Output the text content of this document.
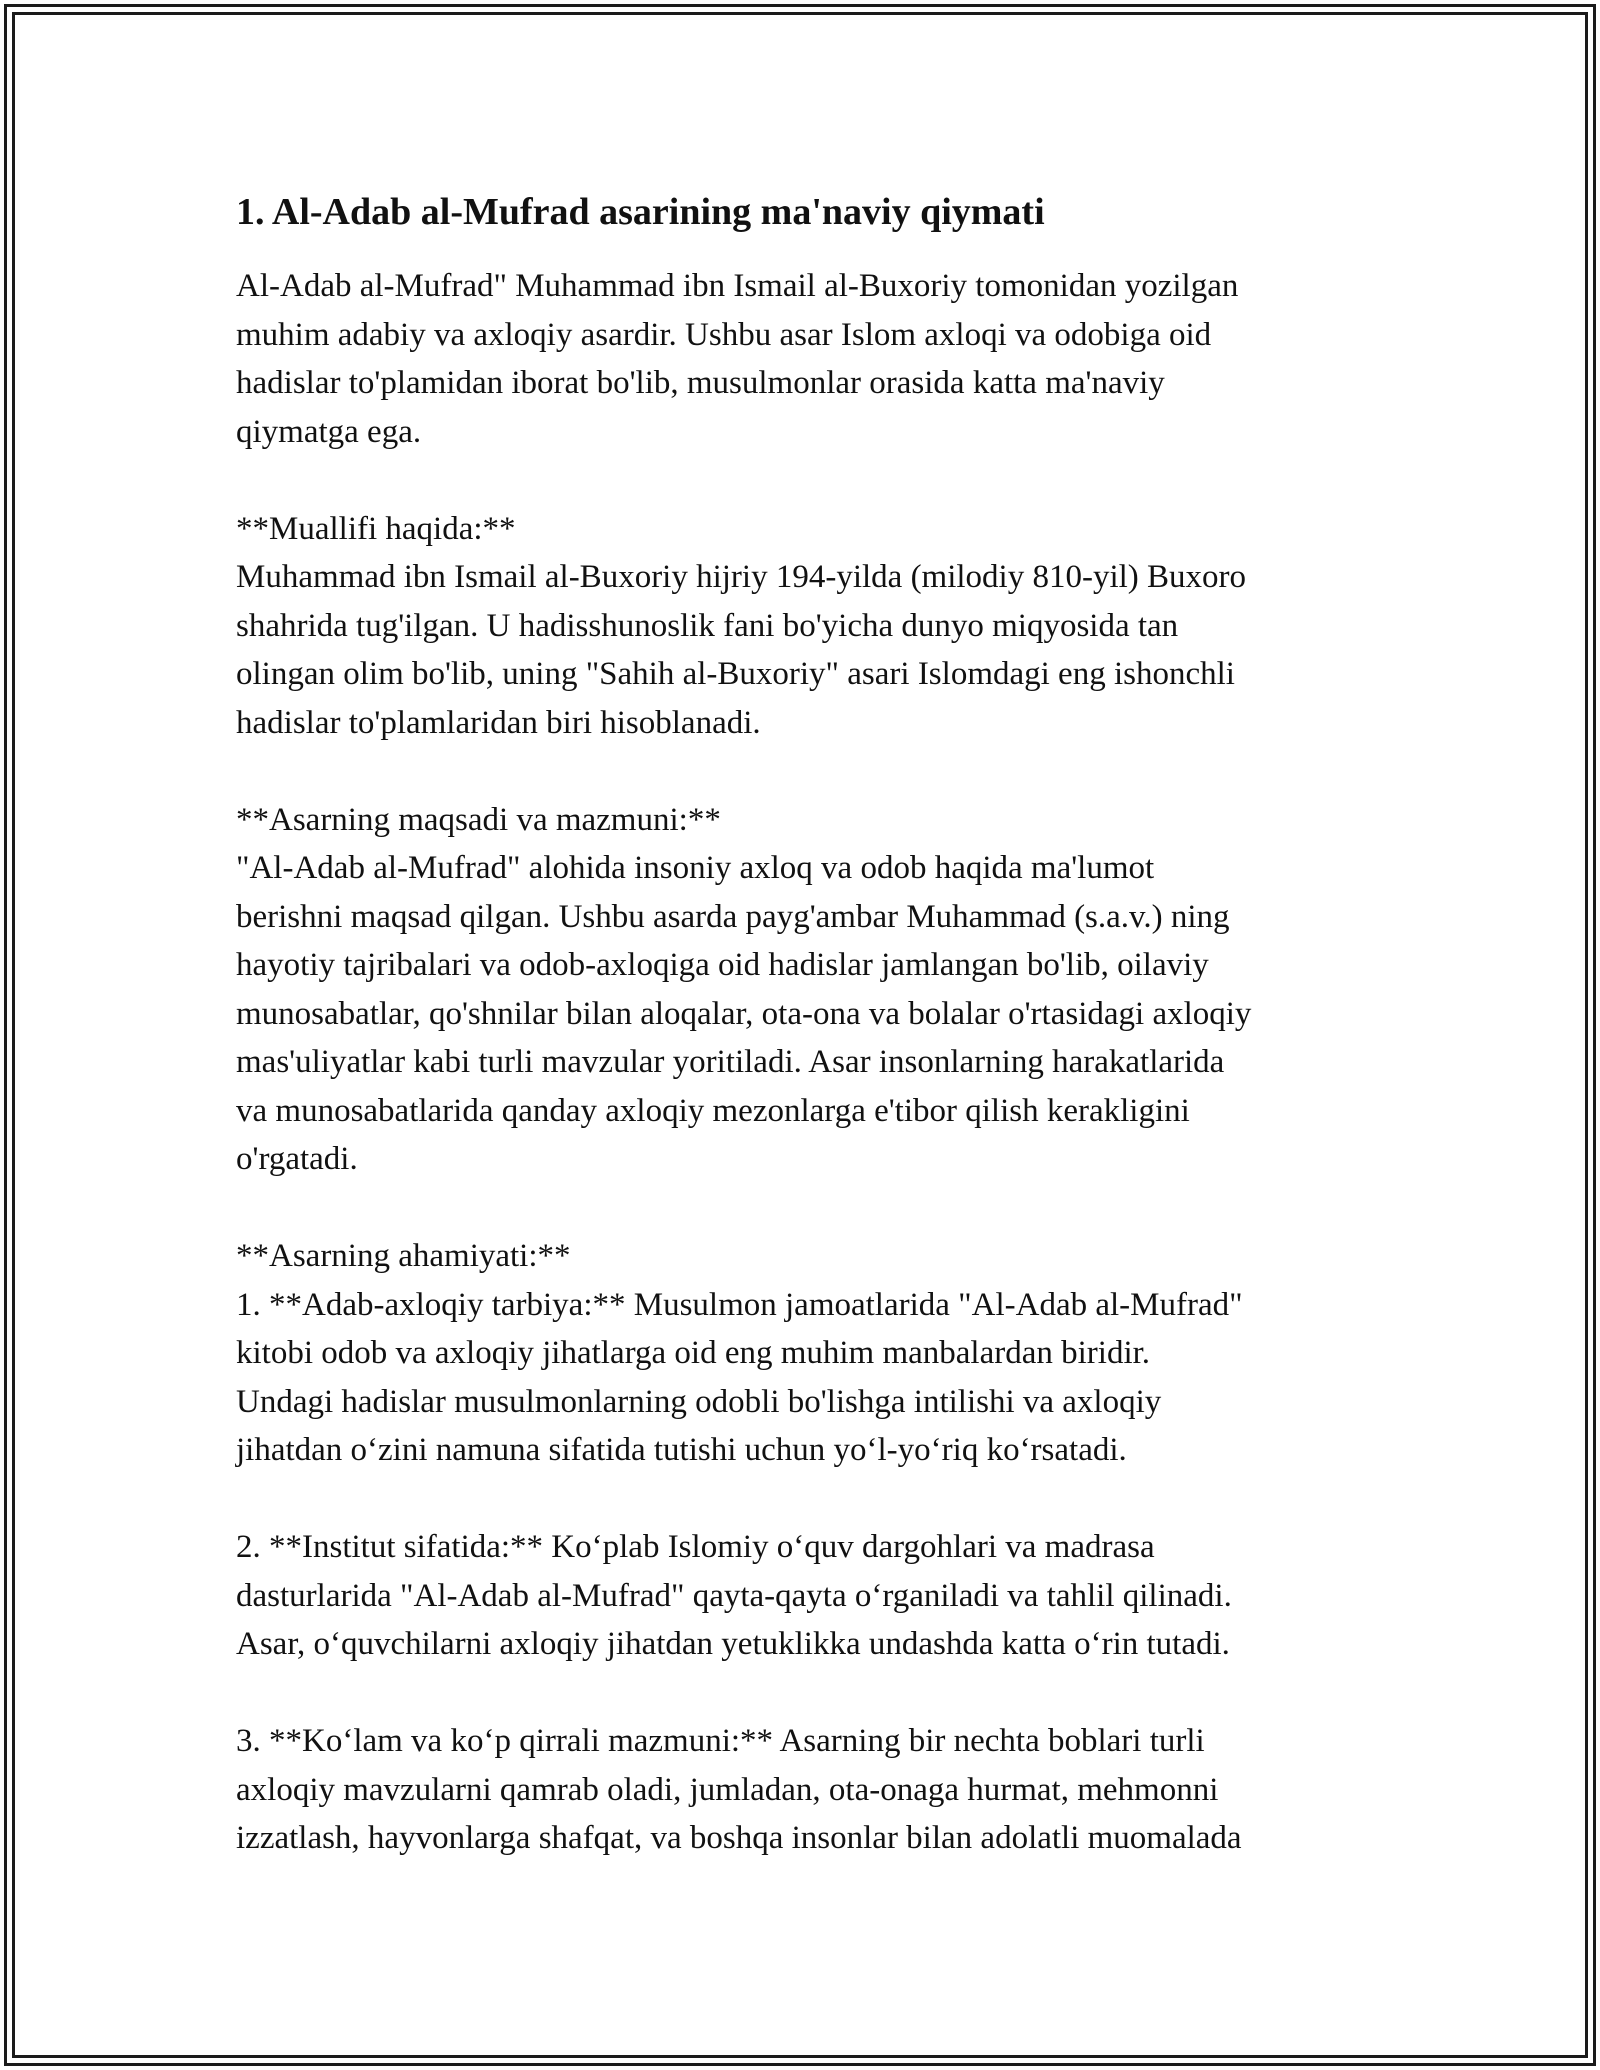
1. Al-Adab al-Mufrad asarining ma'naviy qiymati

Al-Adab al-Mufrad" Muhammad ibn Ismail al-Buxoriy tomonidan yozilgan
muhim adabiy va axloqiy asardir. Ushbu asar Islom axloqi va odobiga oid
hadislar to'plamidan iborat bo'lib, musulmonlar orasida katta ma'naviy
qiymatga ega.

**Muallifi haqida:**
Muhammad ibn Ismail al-Buxoriy hijriy 194-yilda (milodiy 810-yil) Buxoro
shahrida tug'ilgan. U hadisshunoslik fani bo'yicha dunyo miqyosida tan
olingan olim bo'lib, uning "Sahih al-Buxoriy" asari Islomdagi eng ishonchli
hadislar to'plamlaridan biri hisoblanadi.

**Asarning maqsadi va mazmuni:**
"Al-Adab al-Mufrad" alohida insoniy axloq va odob haqida ma'lumot
berishni maqsad qilgan. Ushbu asarda payg'ambar Muhammad (s.a.v.) ning
hayotiy tajribalari va odob-axloqiga oid hadislar jamlangan bo'lib, oilaviy
munosabatlar, qo'shnilar bilan aloqalar, ota-ona va bolalar o'rtasidagi axloqiy
mas'uliyatlar kabi turli mavzular yoritiladi. Asar insonlarning harakatlarida
va munosabatlarida qanday axloqiy mezonlarga e'tibor qilish kerakligini
o'rgatadi.

**Asarning ahamiyati:**
1. **Adab-axloqiy tarbiya:** Musulmon jamoatlarida "Al-Adab al-Mufrad"
kitobi odob va axloqiy jihatlarga oid eng muhim manbalardan biridir.
Undagi hadislar musulmonlarning odobli bo'lishga intilishi va axloqiy
jihatdan o‘zini namuna sifatida tutishi uchun yo‘l-yo‘riq ko‘rsatadi.

2. **Institut sifatida:** Ko‘plab Islomiy o‘quv dargohlari va madrasa
dasturlarida "Al-Adab al-Mufrad" qayta-qayta o‘rganiladi va tahlil qilinadi.
Asar, o‘quvchilarni axloqiy jihatdan yetuklikka undashda katta o‘rin tutadi.

3. **Ko‘lam va ko‘p qirrali mazmuni:** Asarning bir nechta boblari turli
axloqiy mavzularni qamrab oladi, jumladan, ota-onaga hurmat, mehmonni
izzatlash, hayvonlarga shafqat, va boshqa insonlar bilan adolatli muomalada
